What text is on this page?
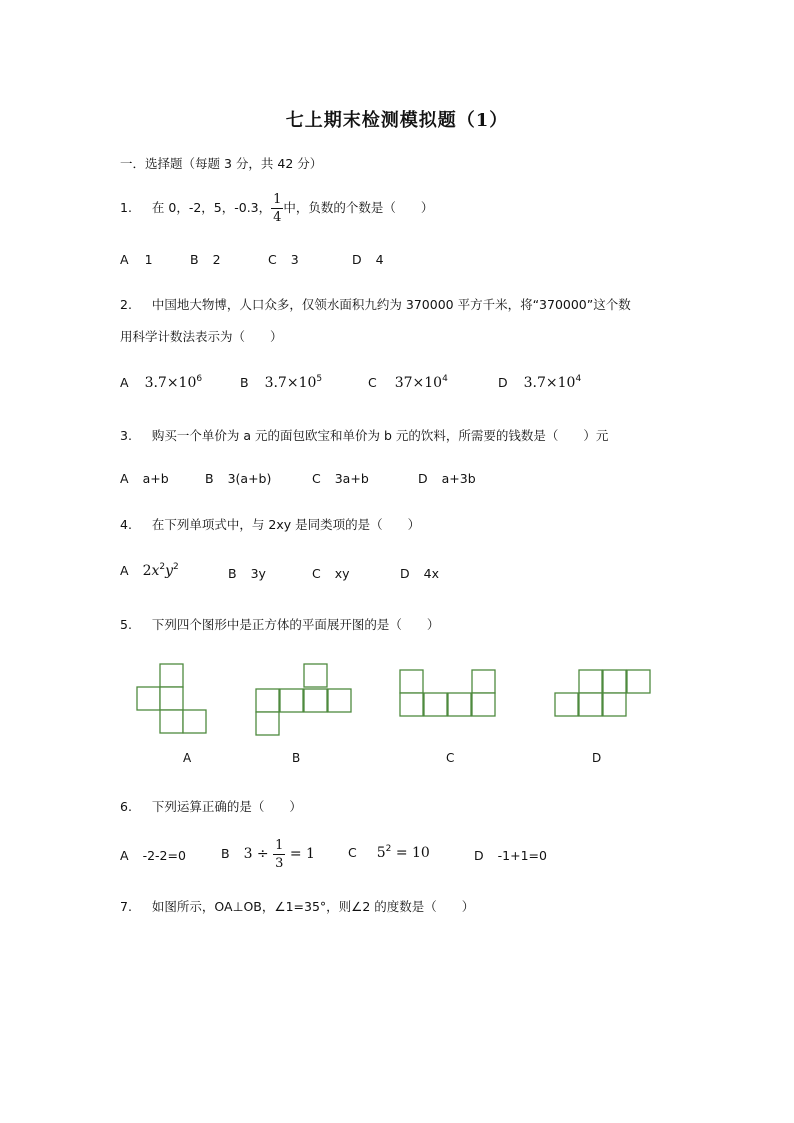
七上期末检测模拟题（1）
一．选择题（每题 3 分，共 42 分）
1. 在 0，-2，5，-0.3， $\frac{1}{4}$ 中，负数的个数是（　　）
A 1	B 2	C 3	D 4
2. 中国地大物博，人口众多，仅领水面积九约为 370000 平方千米，将“370000”这个数
用科学计数法表示为（　　）
A $3.7\times 10^6$	B $3.7\times 10^5$	C $37\times 10^4$	D $3.7\times 10^4$
3. 购买一个单价为 a 元的面包欧宝和单价为 b 元的饮料，所需要的钱数是（　　）元
A a+b	B 3(a+b)	C 3a+b	D a+3b
4. 在下列单项式中，与 2xy 是同类项的是（　　）
A $2x^2y^2$	B 3y	C xy	D 4x
5. 下列四个图形中是正方体的平面展开图的是（　　）
A	B	C	D
6. 下列运算正确的是（　　）
A -2-2=0	B $3 \div \frac{1}{3} = 1$	C $5^2 = 10$	D -1+1=0
7. 如图所示，OA⊥OB，∠1=35°，则∠2 的度数是（　　）
